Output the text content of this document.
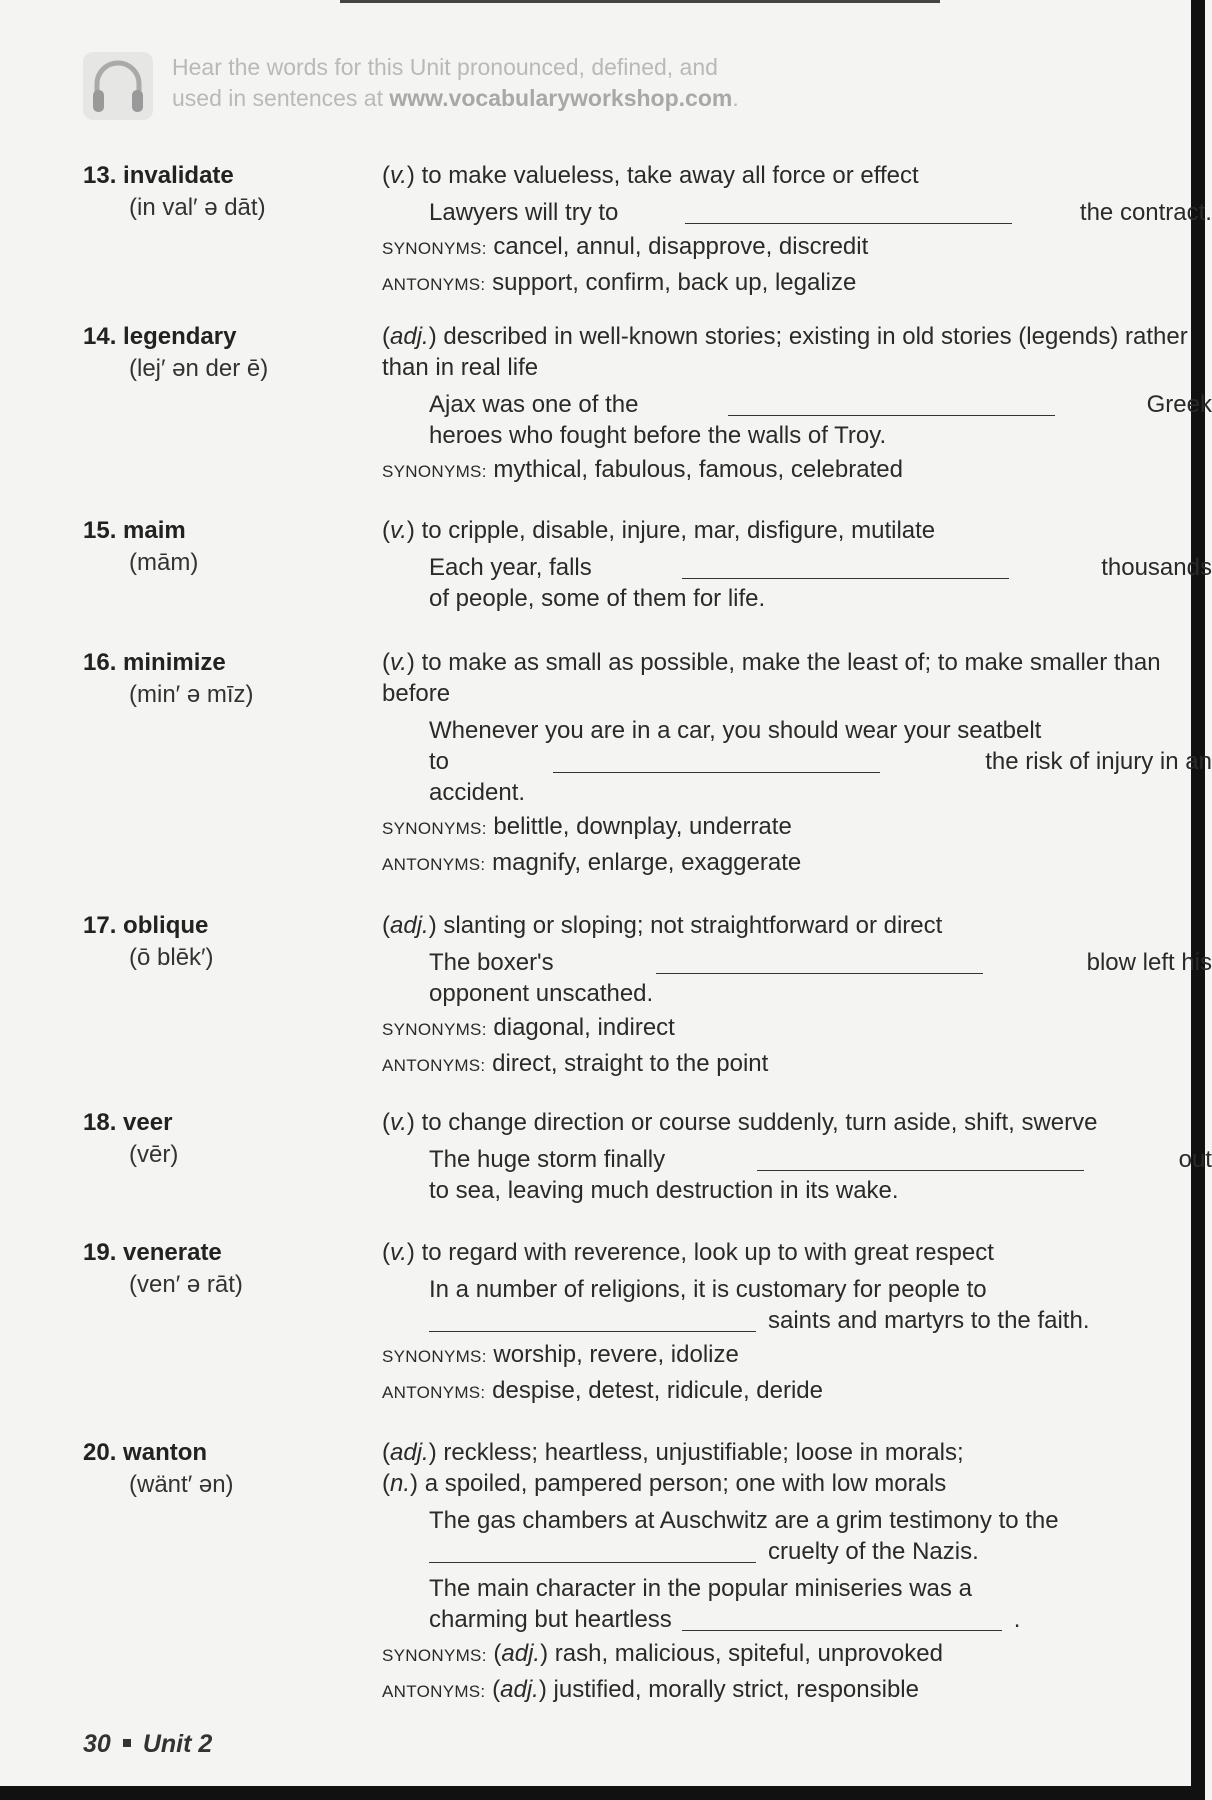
Hear the words for this Unit pronounced, defined, and
used in sentences at www.vocabularyworkshop.com.
13. invalidate
(in val′ ə dāt)
(v.) to make valueless, take away all force or effect
Lawyers will try to	the contract.
SYNONYMS: cancel, annul, disapprove, discredit
ANTONYMS: support, confirm, back up, legalize
14. legendary
(lej′ ən der ē)
(adj.) described in well-known stories; existing in old stories (legends) rather than in real life
Ajax was one of the	Greek
heroes who fought before the walls of Troy.
SYNONYMS: mythical, fabulous, famous, celebrated
15. maim
(mām)
(v.) to cripple, disable, injure, mar, disfigure, mutilate
Each year, falls	thousands
of people, some of them for life.
16. minimize
(min′ ə mīz)
(v.) to make as small as possible, make the least of; to make smaller than before
Whenever you are in a car, you should wear your seatbelt
to	the risk of injury in an
accident.
SYNONYMS: belittle, downplay, underrate
ANTONYMS: magnify, enlarge, exaggerate
17. oblique
(ō blēk′)
(adj.) slanting or sloping; not straightforward or direct
The boxer's	blow left his
opponent unscathed.
SYNONYMS: diagonal, indirect
ANTONYMS: direct, straight to the point
18. veer
(vēr)
(v.) to change direction or course suddenly, turn aside, shift, swerve
The huge storm finally	out
to sea, leaving much destruction in its wake.
19. venerate
(ven′ ə rāt)
(v.) to regard with reverence, look up to with great respect
In a number of religions, it is customary for people to
saints and martyrs to the faith.
SYNONYMS: worship, revere, idolize
ANTONYMS: despise, detest, ridicule, deride
20. wanton
(wänt′ ən)
(adj.) reckless; heartless, unjustifiable; loose in morals;
(n.) a spoiled, pampered person; one with low morals
The gas chambers at Auschwitz are a grim testimony to the
cruelty of the Nazis.
The main character in the popular miniseries was a
charming but heartless	.
SYNONYMS: (adj.) rash, malicious, spiteful, unprovoked
ANTONYMS: (adj.) justified, morally strict, responsible
30 Unit 2
